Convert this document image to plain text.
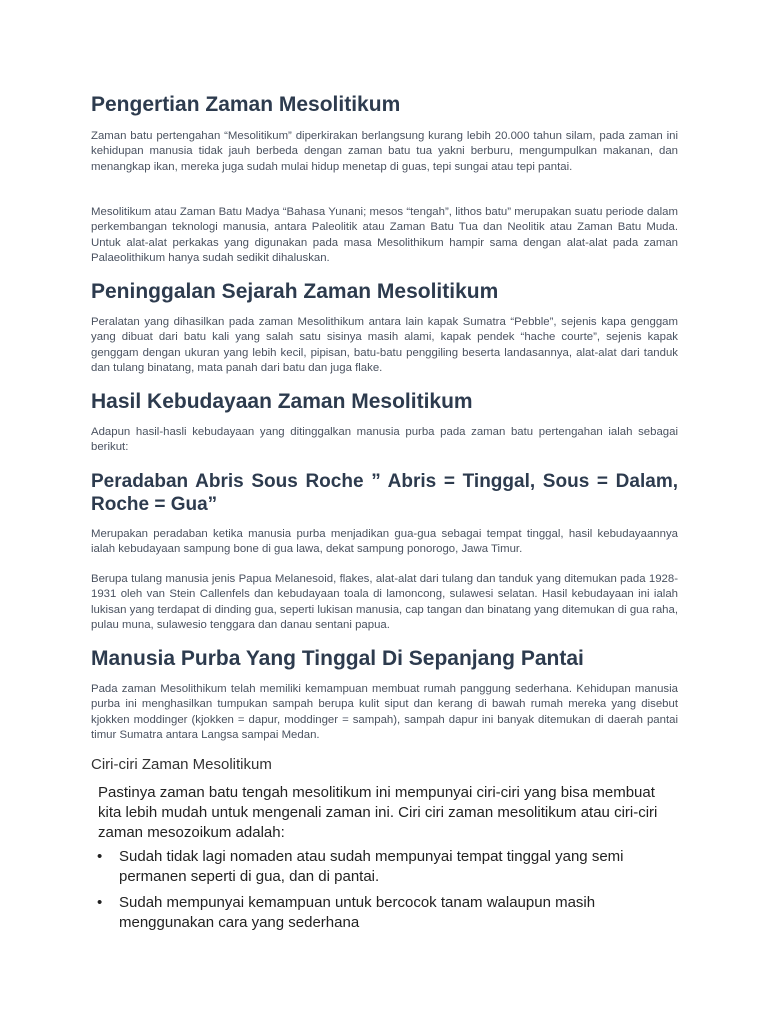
Pengertian Zaman Mesolitikum

Zaman batu pertengahan “Mesolitikum” diperkirakan berlangsung kurang lebih 20.000 tahun silam, pada zaman ini kehidupan manusia tidak jauh berbeda dengan zaman batu tua yakni berburu, mengumpulkan makanan, dan menangkap ikan, mereka juga sudah mulai hidup menetap di guas, tepi sungai atau tepi pantai.

Mesolitikum atau Zaman Batu Madya “Bahasa Yunani; mesos “tengah”, lithos batu” merupakan suatu periode dalam perkembangan teknologi manusia, antara Paleolitik atau Zaman Batu Tua dan Neolitik atau Zaman Batu Muda. Untuk alat-alat perkakas yang digunakan pada masa Mesolithikum hampir sama dengan alat-alat pada zaman Palaeolithikum hanya sudah sedikit dihaluskan.

Peninggalan Sejarah Zaman Mesolitikum

Peralatan yang dihasilkan pada zaman Mesolithikum antara lain kapak Sumatra “Pebble”, sejenis kapa genggam yang dibuat dari batu kali yang salah satu sisinya masih alami, kapak pendek “hache courte”, sejenis kapak genggam dengan ukuran yang lebih kecil, pipisan, batu-batu penggiling beserta landasannya, alat-alat dari tanduk dan tulang binatang, mata panah dari batu dan juga flake.

Hasil Kebudayaan Zaman Mesolitikum

Adapun hasil-hasli kebudayaan yang ditinggalkan manusia purba pada zaman batu pertengahan ialah sebagai berikut:

Peradaban Abris Sous Roche ” Abris = Tinggal, Sous = Dalam, Roche = Gua”

Merupakan peradaban ketika manusia purba menjadikan gua-gua sebagai tempat tinggal, hasil kebudayaannya ialah kebudayaan sampung bone di gua lawa, dekat sampung ponorogo, Jawa Timur.

Berupa tulang manusia jenis Papua Melanesoid, flakes, alat-alat dari tulang dan tanduk yang ditemukan pada 1928-1931 oleh van Stein Callenfels dan kebudayaan toala di lamoncong, sulawesi selatan. Hasil kebudayaan ini ialah lukisan yang terdapat di dinding gua, seperti lukisan manusia, cap tangan dan binatang yang ditemukan di gua raha, pulau muna, sulawesio tenggara dan danau sentani papua.

Manusia Purba Yang Tinggal Di Sepanjang Pantai

Pada zaman Mesolithikum telah memiliki kemampuan membuat rumah panggung sederhana. Kehidupan manusia purba ini menghasilkan tumpukan sampah berupa kulit siput dan kerang di bawah rumah mereka yang disebut kjokken moddinger (kjokken = dapur, moddinger = sampah), sampah dapur ini banyak ditemukan di daerah pantai timur Sumatra antara Langsa sampai Medan.

Ciri-ciri Zaman Mesolitikum

Pastinya zaman batu tengah mesolitikum ini mempunyai ciri-ciri yang bisa membuat kita lebih mudah untuk mengenali zaman ini. Ciri ciri zaman mesolitikum atau ciri-ciri zaman mesozoikum adalah:

• Sudah tidak lagi nomaden atau sudah mempunyai tempat tinggal yang semi permanen seperti di gua, dan di pantai.
• Sudah mempunyai kemampuan untuk bercocok tanam walaupun masih menggunakan cara yang sederhana
